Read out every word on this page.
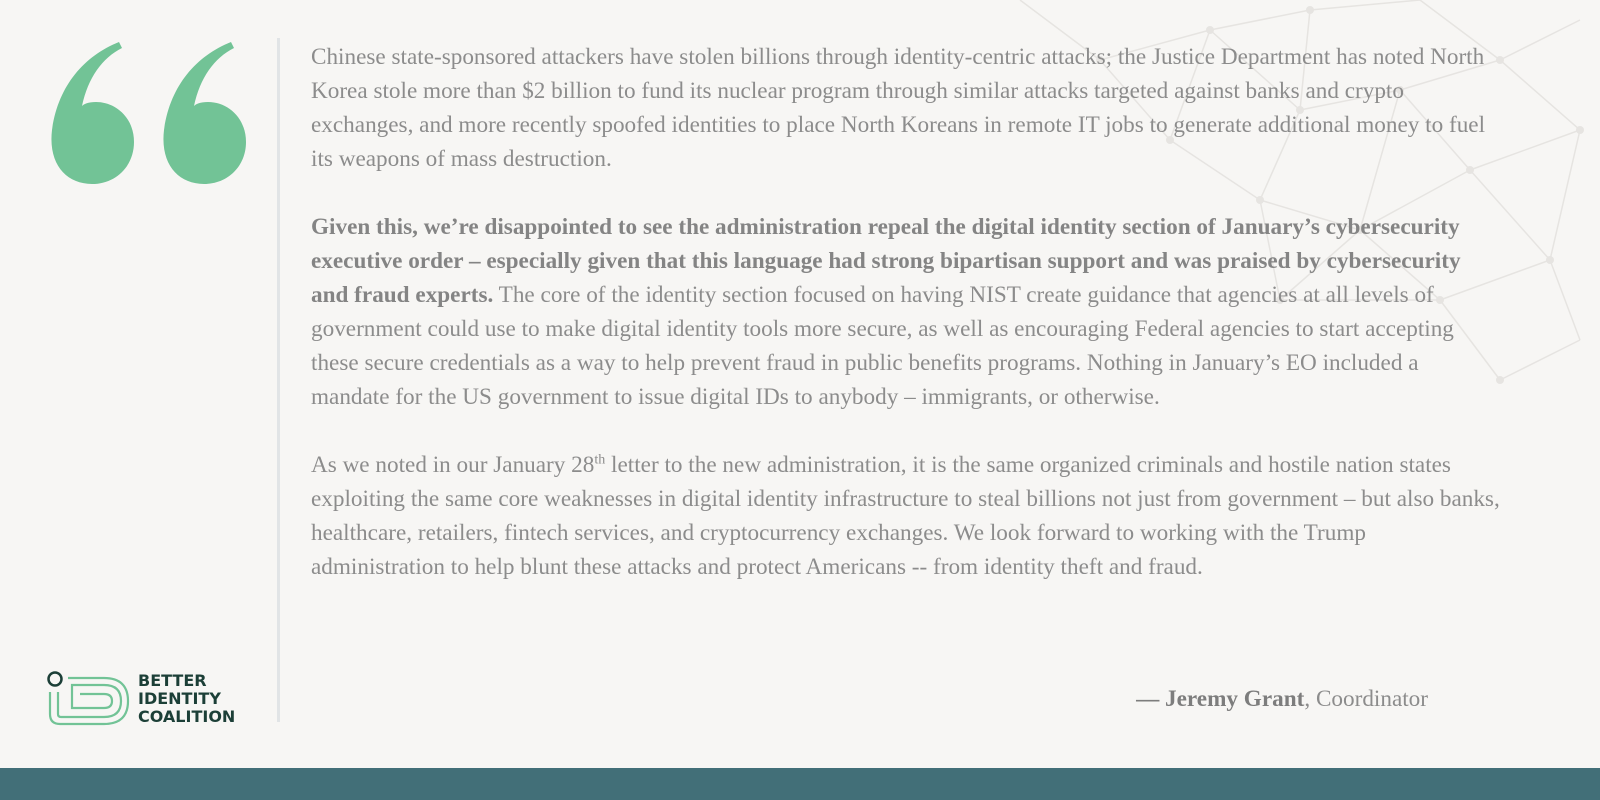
Chinese state-sponsored attackers have stolen billions through identity-centric attacks; the Justice Department has noted North Korea stole more than $2 billion to fund its nuclear program through similar attacks targeted against banks and crypto exchanges, and more recently spoofed identities to place North Koreans in remote IT jobs to generate additional money to fuel its weapons of mass destruction.

Given this, we’re disappointed to see the administration repeal the digital identity section of January’s cybersecurity executive order – especially given that this language had strong bipartisan support and was praised by cybersecurity and fraud experts. The core of the identity section focused on having NIST create guidance that agencies at all levels of government could use to make digital identity tools more secure, as well as encouraging Federal agencies to start accepting these secure credentials as a way to help prevent fraud in public benefits programs. Nothing in January’s EO included a mandate for the US government to issue digital IDs to anybody – immigrants, or otherwise.

As we noted in our January 28th letter to the new administration, it is the same organized criminals and hostile nation states exploiting the same core weaknesses in digital identity infrastructure to steal billions not just from government – but also banks, healthcare, retailers, fintech services, and cryptocurrency exchanges. We look forward to working with the Trump administration to help blunt these attacks and protect Americans -- from identity theft and fraud.

— Jeremy Grant, Coordinator
BETTER
IDENTITY
COALITION
